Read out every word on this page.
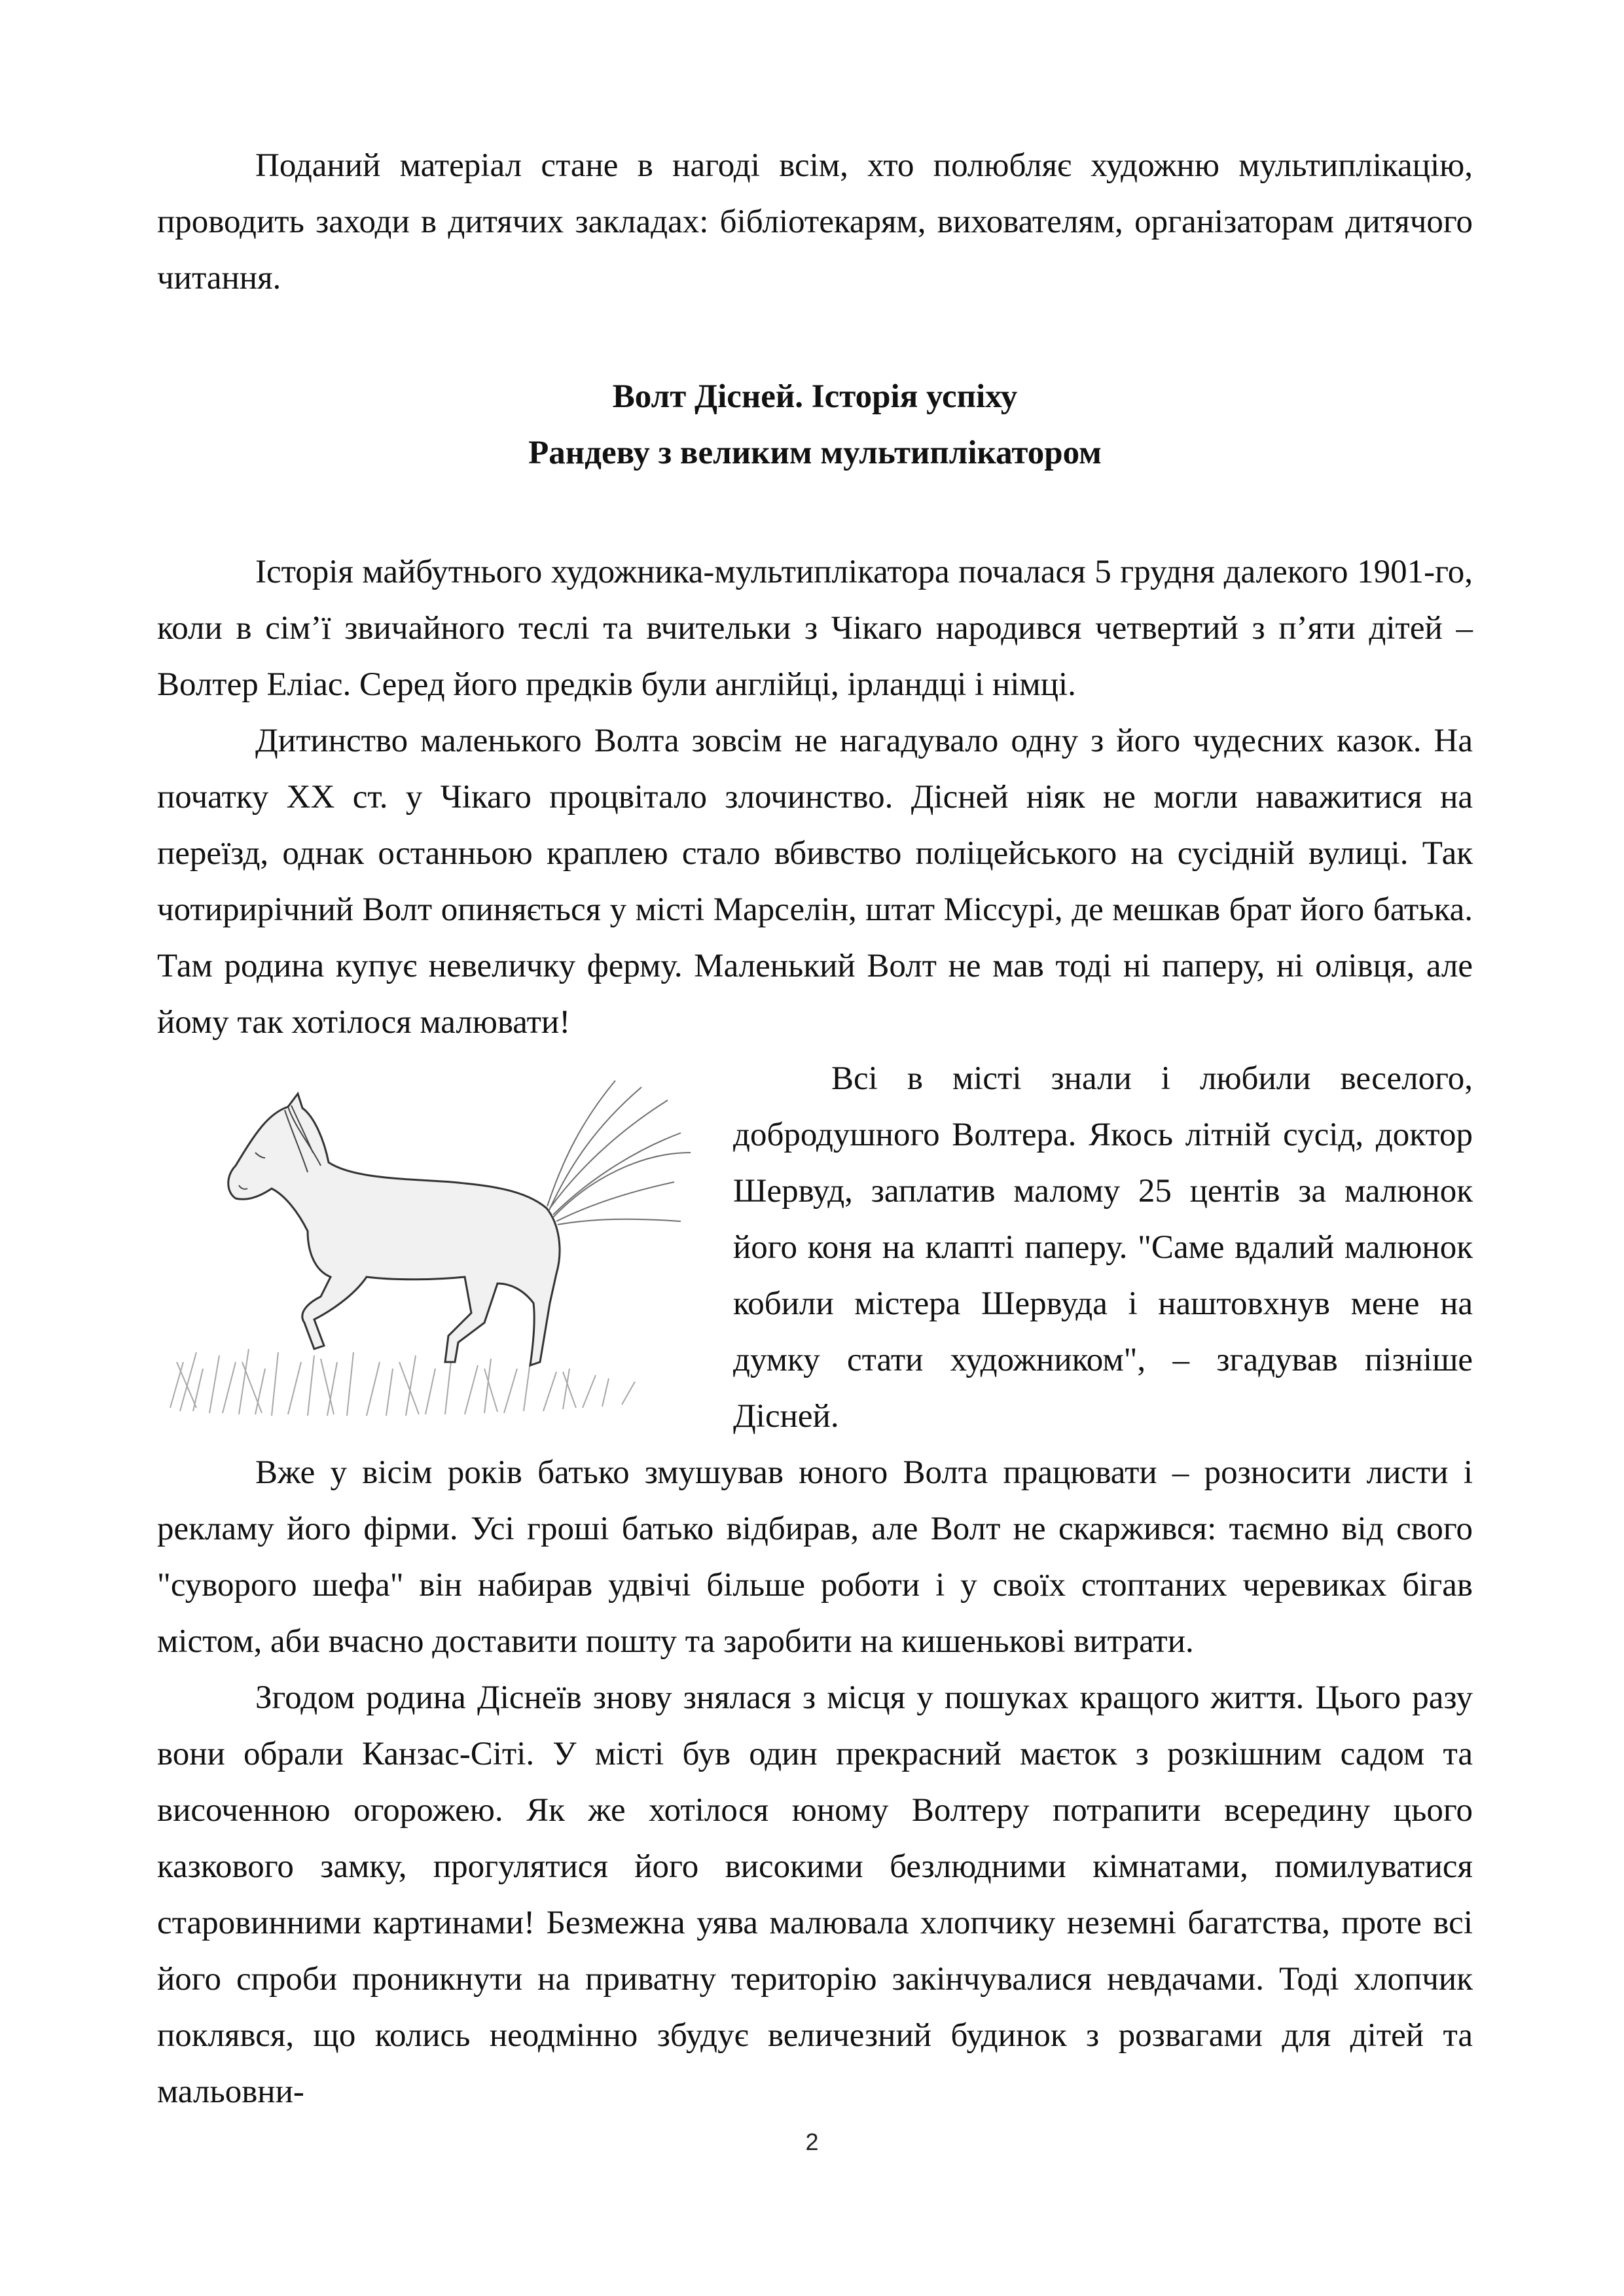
Поданий матеріал стане в нагоді всім, хто полюбляє художню мультиплікацію, проводить заходи в дитячих закладах: бібліотекарям, вихователям, організаторам дитячого читання.

Волт Дісней. Історія успіху
Рандеву з великим мультиплікатором

Історія майбутнього художника-мультиплікатора почалася 5 грудня далекого 1901-го, коли в сім’ї звичайного теслі та вчительки з Чікаго народився четвертий з п’яти дітей – Волтер Еліас. Серед його предків були англійці, ірландці і німці.

Дитинство маленького Волта зовсім не нагадувало одну з його чудесних казок. На початку ХХ ст. у Чікаго процвітало злочинство. Дісней ніяк не могли наважитися на переїзд, однак останньою краплею стало вбивство поліцейського на сусідній вулиці. Так чотирирічний Волт опиняється у місті Марселін, штат Міссурі, де мешкав брат його батька. Там родина купує невеличку ферму. Маленький Волт не мав тоді ні паперу, ні олівця, але йому так хотілося малювати!

Всі в місті знали і любили веселого, добродушного Волтера. Якось літній сусід, доктор Шервуд, заплатив малому 25 центів за малюнок його коня на клапті паперу. "Саме вдалий малюнок кобили містера Шервуда і наштовхнув мене на думку стати художником", – згадував пізніше Дісней.

Вже у вісім років батько змушував юного Волта працювати – розносити листи і рекламу його фірми. Усі гроші батько відбирав, але Волт не скаржився: таємно від свого "суворого шефа" він набирав удвічі більше роботи і у своїх стоптаних черевиках бігав містом, аби вчасно доставити пошту та заробити на кишенькові витрати.

Згодом родина Діснеїв знову знялася з місця у пошуках кращого життя. Цього разу вони обрали Канзас-Сіті. У місті був один прекрасний маєток з розкішним садом та височенною огорожею. Як же хотілося юному Волтеру потрапити всередину цього казкового замку, прогулятися його високими безлюдними кімнатами, помилуватися старовинними картинами! Безмежна уява малювала хлопчику неземні багатства, проте всі його спроби проникнути на приватну територію закінчувалися невдачами. Тоді хлопчик поклявся, що колись неодмінно збудує величезний будинок з розвагами для дітей та мальовни-

2
